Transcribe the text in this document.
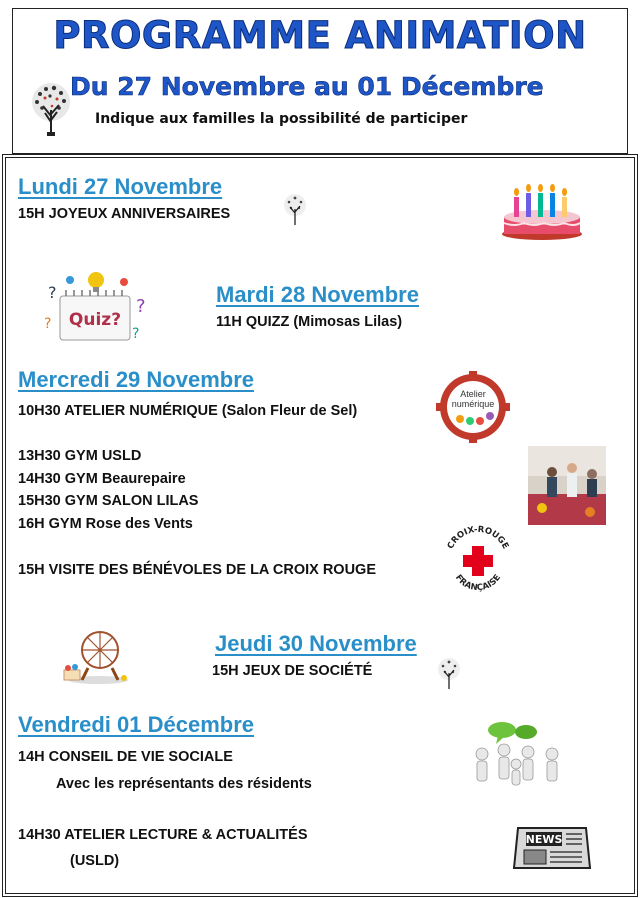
PROGRAMME ANIMATION
Du 27 Novembre au 01 Décembre
Indique aux familles la possibilité de participer
Lundi 27 Novembre
15H JOYEUX ANNIVERSAIRES
Quiz?
?
?
?
?
Mardi 28 Novembre
11H QUIZZ (Mimosas Lilas)
Mercredi 29 Novembre
10H30 ATELIER NUMÉRIQUE (Salon Fleur de Sel)
13H30 GYM USLD
14H30 GYM Beaurepaire
15H30 GYM SALON LILAS
16H GYM Rose des Vents
15H VISITE DES BÉNÉVOLES DE LA CROIX ROUGE
Atelier
numérique
CROIX-ROUGE
FRANÇAISE
Jeudi 30 Novembre
15H JEUX DE SOCIÉTÉ
Vendredi 01 Décembre
14H CONSEIL DE VIE SOCIALE
Avec les représentants des résidents
14H30 ATELIER LECTURE & ACTUALITÉS
(USLD)
NEWS
